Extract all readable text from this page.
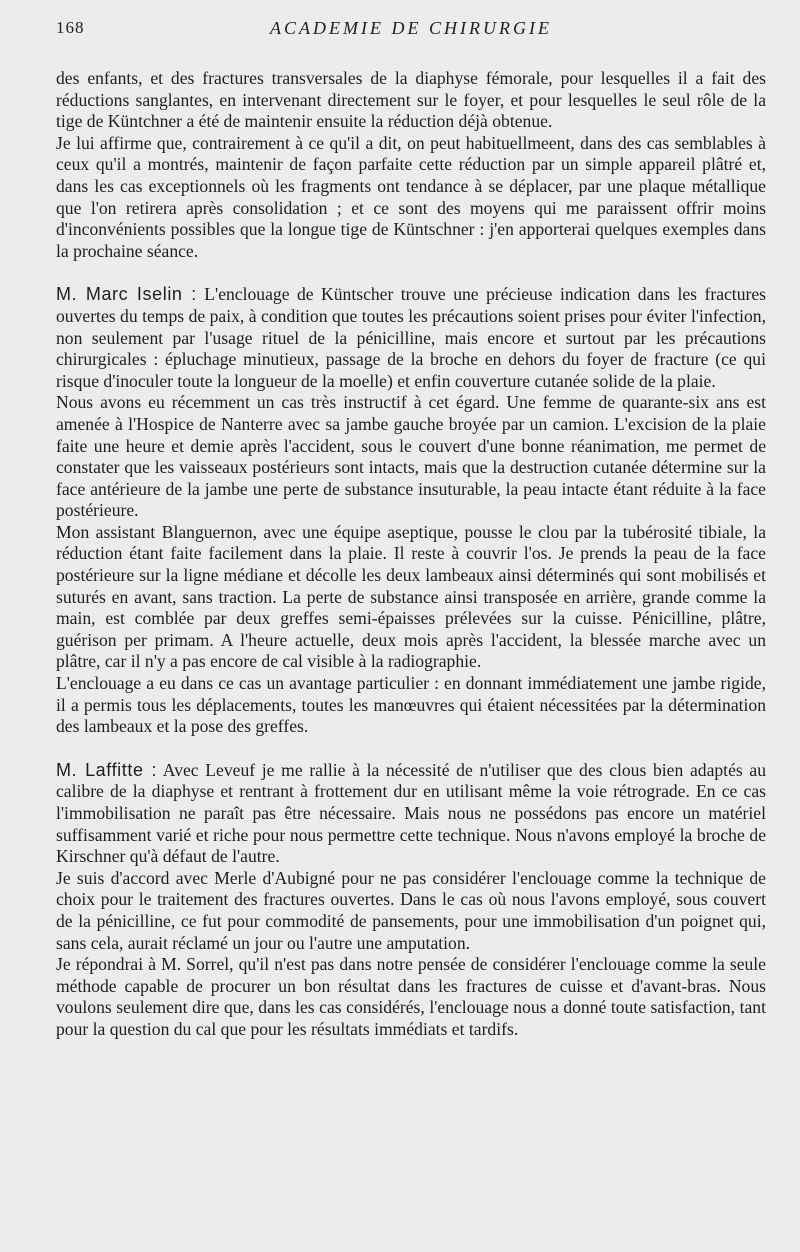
168	ACADEMIE DE CHIRURGIE

des enfants, et des fractures transversales de la diaphyse fémorale, pour lesquelles il a fait des réductions sanglantes, en intervenant directement sur le foyer, et pour lesquelles le seul rôle de la tige de Küntchner a été de maintenir ensuite la réduction déjà obtenue.

Je lui affirme que, contrairement à ce qu'il a dit, on peut habituellmeent, dans des cas semblables à ceux qu'il a montrés, maintenir de façon parfaite cette réduction par un simple appareil plâtré et, dans les cas exceptionnels où les fragments ont tendance à se déplacer, par une plaque métallique que l'on retirera après consolidation ; et ce sont des moyens qui me paraissent offrir moins d'inconvénients possibles que la longue tige de Küntschner : j'en apporterai quelques exemples dans la prochaine séance.

M. Marc Iselin : L'enclouage de Küntscher trouve une précieuse indication dans les fractures ouvertes du temps de paix, à condition que toutes les précautions soient prises pour éviter l'infection, non seulement par l'usage rituel de la pénicilline, mais encore et surtout par les précautions chirurgicales : épluchage minutieux, passage de la broche en dehors du foyer de fracture (ce qui risque d'inoculer toute la longueur de la moelle) et enfin couverture cutanée solide de la plaie.

Nous avons eu récemment un cas très instructif à cet égard. Une femme de quarante-six ans est amenée à l'Hospice de Nanterre avec sa jambe gauche broyée par un camion. L'excision de la plaie faite une heure et demie après l'accident, sous le couvert d'une bonne réanimation, me permet de constater que les vaisseaux postérieurs sont intacts, mais que la destruction cutanée détermine sur la face antérieure de la jambe une perte de substance insuturable, la peau intacte étant réduite à la face postérieure.

Mon assistant Blanguernon, avec une équipe aseptique, pousse le clou par la tubérosité tibiale, la réduction étant faite facilement dans la plaie. Il reste à couvrir l'os. Je prends la peau de la face postérieure sur la ligne médiane et décolle les deux lambeaux ainsi déterminés qui sont mobilisés et suturés en avant, sans traction. La perte de substance ainsi transposée en arrière, grande comme la main, est comblée par deux greffes semi-épaisses prélevées sur la cuisse. Pénicilline, plâtre, guérison per primam. A l'heure actuelle, deux mois après l'accident, la blessée marche avec un plâtre, car il n'y a pas encore de cal visible à la radiographie.

L'enclouage a eu dans ce cas un avantage particulier : en donnant immédiatement une jambe rigide, il a permis tous les déplacements, toutes les manœuvres qui étaient nécessitées par la détermination des lambeaux et la pose des greffes.

M. Laffitte : Avec Leveuf je me rallie à la nécessité de n'utiliser que des clous bien adaptés au calibre de la diaphyse et rentrant à frottement dur en utilisant même la voie rétrograde. En ce cas l'immobilisation ne paraît pas être nécessaire. Mais nous ne possédons pas encore un matériel suffisamment varié et riche pour nous permettre cette technique. Nous n'avons employé la broche de Kirschner qu'à défaut de l'autre.

Je suis d'accord avec Merle d'Aubigné pour ne pas considérer l'enclouage comme la technique de choix pour le traitement des fractures ouvertes. Dans le cas où nous l'avons employé, sous couvert de la pénicilline, ce fut pour commodité de pansements, pour une immobilisation d'un poignet qui, sans cela, aurait réclamé un jour ou l'autre une amputation.

Je répondrai à M. Sorrel, qu'il n'est pas dans notre pensée de considérer l'enclouage comme la seule méthode capable de procurer un bon résultat dans les fractures de cuisse et d'avant-bras. Nous voulons seulement dire que, dans les cas considérés, l'enclouage nous a donné toute satisfaction, tant pour la question du cal que pour les résultats immédiats et tardifs.
